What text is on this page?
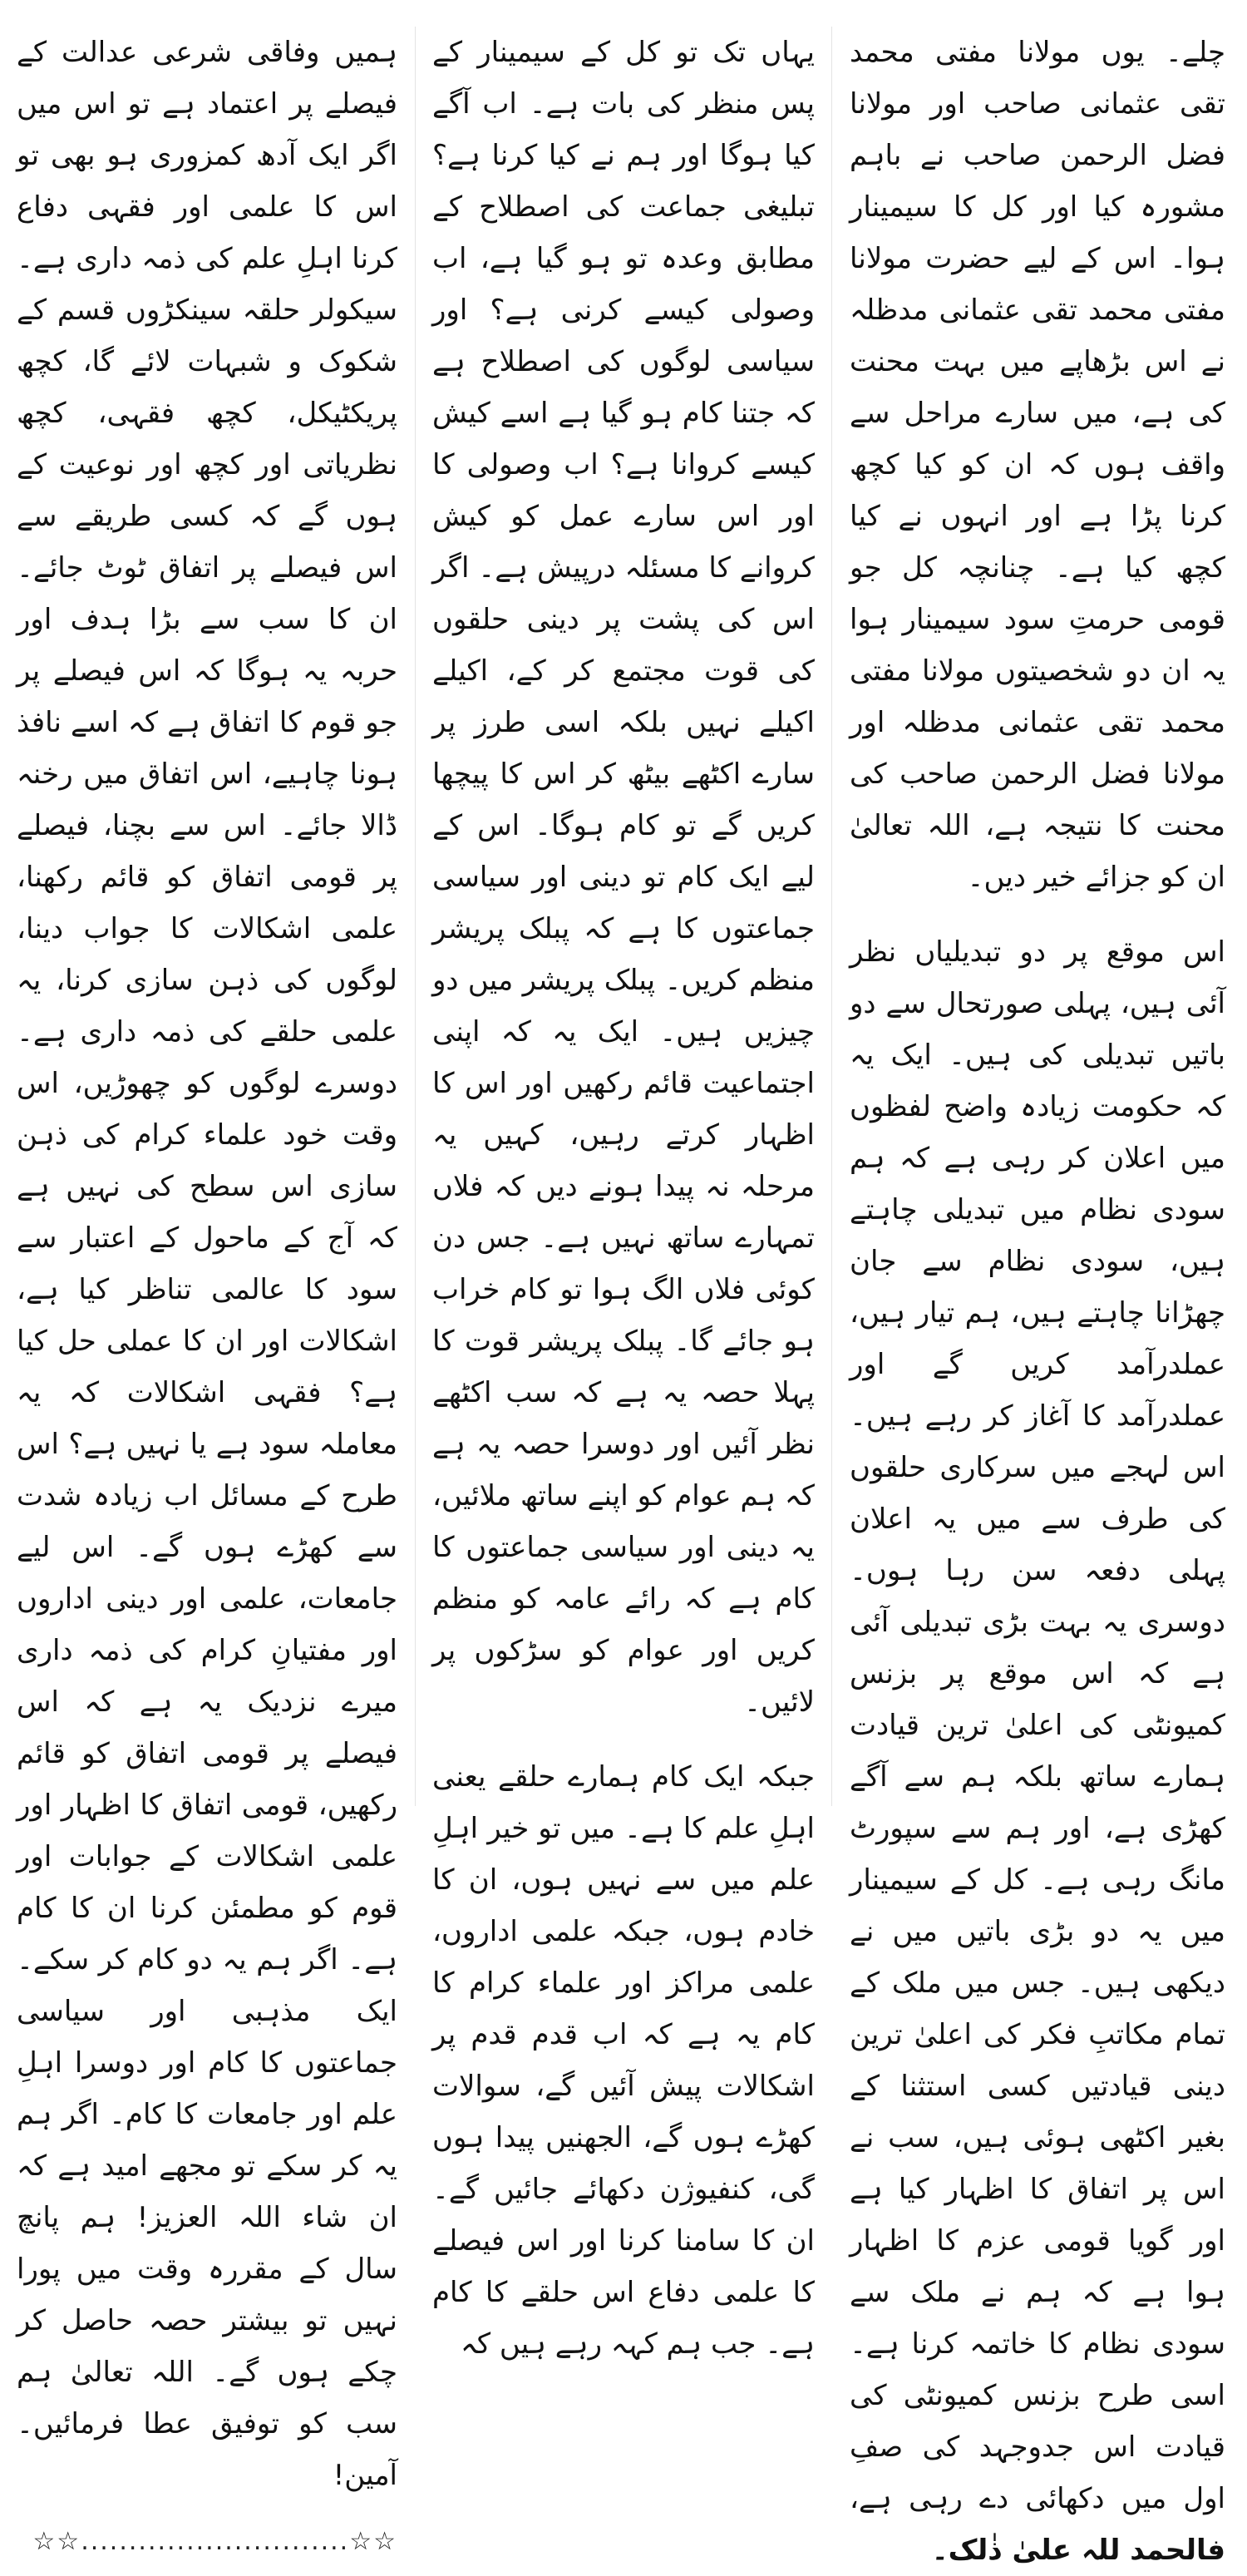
چلے۔ یوں مولانا مفتی محمد تقی عثمانی صاحب اور مولانا فضل الرحمن صاحب نے باہم مشورہ کیا اور کل کا سیمینار ہوا۔ اس کے لیے حضرت مولانا مفتی محمد تقی عثمانی مدظلہ نے اس بڑھاپے میں بہت محنت کی ہے، میں سارے مراحل سے واقف ہوں کہ ان کو کیا کچھ کرنا پڑا ہے اور انہوں نے کیا کچھ کیا ہے۔ چنانچہ کل جو قومی حرمتِ سود سیمینار ہوا یہ ان دو شخصیتوں مولانا مفتی محمد تقی عثمانی مدظلہ اور مولانا فضل الرحمن صاحب کی محنت کا نتیجہ ہے، اللہ تعالیٰ ان کو جزائے خیر دیں۔

اس موقع پر دو تبدیلیاں نظر آئی ہیں، پہلی صورتحال سے دو باتیں تبدیلی کی ہیں۔ ایک یہ کہ حکومت زیادہ واضح لفظوں میں اعلان کر رہی ہے کہ ہم سودی نظام میں تبدیلی چاہتے ہیں، سودی نظام سے جان چھڑانا چاہتے ہیں، ہم تیار ہیں، عملدرآمد کریں گے اور عملدرآمد کا آغاز کر رہے ہیں۔ اس لہجے میں سرکاری حلقوں کی طرف سے میں یہ اعلان پہلی دفعہ سن رہا ہوں۔ دوسری یہ بہت بڑی تبدیلی آئی ہے کہ اس موقع پر بزنس کمیونٹی کی اعلیٰ ترین قیادت ہمارے ساتھ بلکہ ہم سے آگے کھڑی ہے، اور ہم سے سپورٹ مانگ رہی ہے۔ کل کے سیمینار میں یہ دو بڑی باتیں میں نے دیکھی ہیں۔ جس میں ملک کے تمام مکاتبِ فکر کی اعلیٰ ترین دینی قیادتیں کسی استثنا کے بغیر اکٹھی ہوئی ہیں، سب نے اس پر اتفاق کا اظہار کیا ہے اور گویا قومی عزم کا اظہار ہوا ہے کہ ہم نے ملک سے سودی نظام کا خاتمہ کرنا ہے۔ اسی طرح بزنس کمیونٹی کی قیادت اس جدوجہد کی صفِ اول میں دکھائی دے رہی ہے، فالحمد للہ علیٰ ذٰلک۔

یہاں تک تو کل کے سیمینار کے پس منظر کی بات ہے۔ اب آگے کیا ہوگا اور ہم نے کیا کرنا ہے؟ تبلیغی جماعت کی اصطلاح کے مطابق وعدہ تو ہو گیا ہے، اب وصولی کیسے کرنی ہے؟ اور سیاسی لوگوں کی اصطلاح ہے کہ جتنا کام ہو گیا ہے اسے کیش کیسے کروانا ہے؟ اب وصولی کا اور اس سارے عمل کو کیش کروانے کا مسئلہ درپیش ہے۔ اگر اس کی پشت پر دینی حلقوں کی قوت مجتمع کر کے، اکیلے اکیلے نہیں بلکہ اسی طرز پر سارے اکٹھے بیٹھ کر اس کا پیچھا کریں گے تو کام ہوگا۔ اس کے لیے ایک کام تو دینی اور سیاسی جماعتوں کا ہے کہ پبلک پریشر منظم کریں۔ پبلک پریشر میں دو چیزیں ہیں۔ ایک یہ کہ اپنی اجتماعیت قائم رکھیں اور اس کا اظہار کرتے رہیں، کہیں یہ مرحلہ نہ پیدا ہونے دیں کہ فلاں تمہارے ساتھ نہیں ہے۔ جس دن کوئی فلاں الگ ہوا تو کام خراب ہو جائے گا۔ پبلک پریشر قوت کا پہلا حصہ یہ ہے کہ سب اکٹھے نظر آئیں اور دوسرا حصہ یہ ہے کہ ہم عوام کو اپنے ساتھ ملائیں، یہ دینی اور سیاسی جماعتوں کا کام ہے کہ رائے عامہ کو منظم کریں اور عوام کو سڑکوں پر لائیں۔

جبکہ ایک کام ہمارے حلقے یعنی اہلِ علم کا ہے۔ میں تو خیر اہلِ علم میں سے نہیں ہوں، ان کا خادم ہوں، جبکہ علمی اداروں، علمی مراکز اور علماء کرام کا کام یہ ہے کہ اب قدم قدم پر اشکالات پیش آئیں گے، سوالات کھڑے ہوں گے، الجھنیں پیدا ہوں گی، کنفیوژن دکھائے جائیں گے۔ ان کا سامنا کرنا اور اس فیصلے کا علمی دفاع اس حلقے کا کام ہے۔ جب ہم کہہ رہے ہیں کہ

ہمیں وفاقی شرعی عدالت کے فیصلے پر اعتماد ہے تو اس میں اگر ایک آدھ کمزوری ہو بھی تو اس کا علمی اور فقہی دفاع کرنا اہلِ علم کی ذمہ داری ہے۔ سیکولر حلقہ سینکڑوں قسم کے شکوک و شبہات لائے گا، کچھ پریکٹیکل، کچھ فقہی، کچھ نظریاتی اور کچھ اور نوعیت کے ہوں گے کہ کسی طریقے سے اس فیصلے پر اتفاق ٹوٹ جائے۔ ان کا سب سے بڑا ہدف اور حربہ یہ ہوگا کہ اس فیصلے پر جو قوم کا اتفاق ہے کہ اسے نافذ ہونا چاہیے، اس اتفاق میں رخنہ ڈالا جائے۔ اس سے بچنا، فیصلے پر قومی اتفاق کو قائم رکھنا، علمی اشکالات کا جواب دینا، لوگوں کی ذہن سازی کرنا، یہ علمی حلقے کی ذمہ داری ہے۔ دوسرے لوگوں کو چھوڑیں، اس وقت خود علماء کرام کی ذہن سازی اس سطح کی نہیں ہے کہ آج کے ماحول کے اعتبار سے سود کا عالمی تناظر کیا ہے، اشکالات اور ان کا عملی حل کیا ہے؟ فقہی اشکالات کہ یہ معاملہ سود ہے یا نہیں ہے؟ اس طرح کے مسائل اب زیادہ شدت سے کھڑے ہوں گے۔ اس لیے جامعات، علمی اور دینی اداروں اور مفتیانِ کرام کی ذمہ داری میرے نزدیک یہ ہے کہ اس فیصلے پر قومی اتفاق کو قائم رکھیں، قومی اتفاق کا اظہار اور علمی اشکالات کے جوابات اور قوم کو مطمئن کرنا ان کا کام ہے۔ اگر ہم یہ دو کام کر سکے۔ ایک مذہبی اور سیاسی جماعتوں کا کام اور دوسرا اہلِ علم اور جامعات کا کام۔ اگر ہم یہ کر سکے تو مجھے امید ہے کہ ان شاء اللہ العزیز! ہم پانچ سال کے مقررہ وقت میں پورا نہیں تو بیشتر حصہ حاصل کر چکے ہوں گے۔ اللہ تعالیٰ ہم سب کو توفیق عطا فرمائیں۔ آمین!

☆☆............................☆☆
